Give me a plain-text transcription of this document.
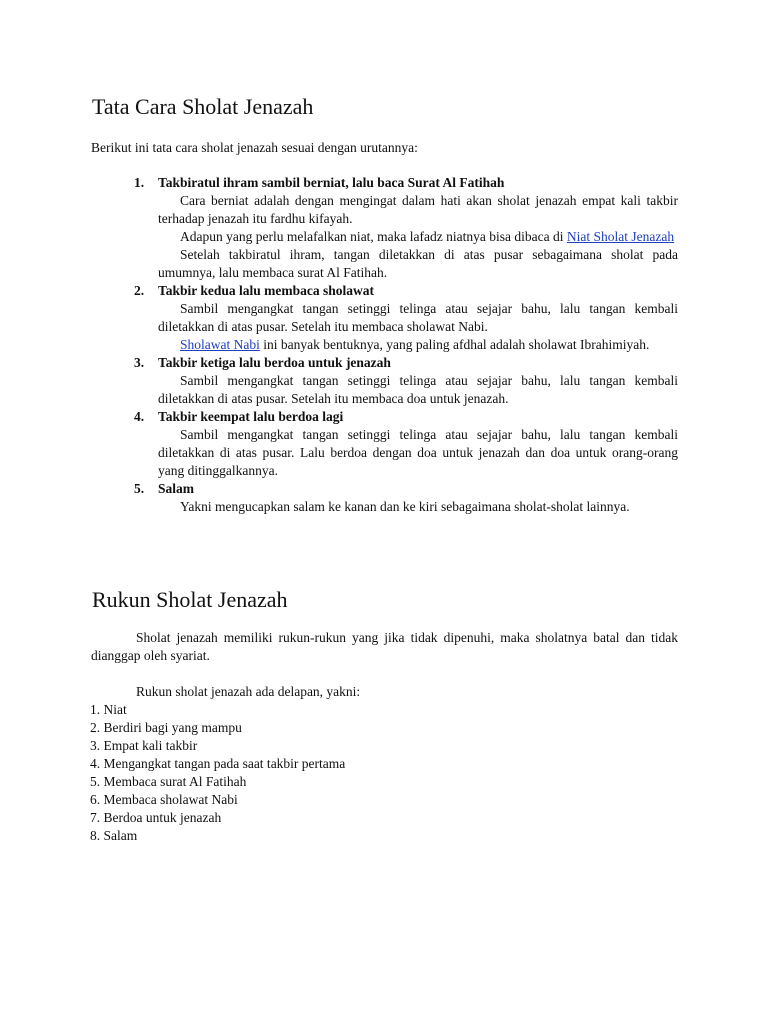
Tata Cara Sholat Jenazah
Berikut ini tata cara sholat jenazah sesuai dengan urutannya:
1. Takbiratul ihram sambil berniat, lalu baca Surat Al Fatihah
Cara berniat adalah dengan mengingat dalam hati akan sholat jenazah empat kali takbir terhadap jenazah itu fardhu kifayah.
Adapun yang perlu melafalkan niat, maka lafadz niatnya bisa dibaca di Niat Sholat Jenazah
Setelah takbiratul ihram, tangan diletakkan di atas pusar sebagaimana sholat pada umumnya, lalu membaca surat Al Fatihah.
2. Takbir kedua lalu membaca sholawat
Sambil mengangkat tangan setinggi telinga atau sejajar bahu, lalu tangan kembali diletakkan di atas pusar. Setelah itu membaca sholawat Nabi.
Sholawat Nabi ini banyak bentuknya, yang paling afdhal adalah sholawat Ibrahimiyah.
3. Takbir ketiga lalu berdoa untuk jenazah
Sambil mengangkat tangan setinggi telinga atau sejajar bahu, lalu tangan kembali diletakkan di atas pusar. Setelah itu membaca doa untuk jenazah.
4. Takbir keempat lalu berdoa lagi
Sambil mengangkat tangan setinggi telinga atau sejajar bahu, lalu tangan kembali diletakkan di atas pusar. Lalu berdoa dengan doa untuk jenazah dan doa untuk orang-orang yang ditinggalkannya.
5. Salam
Yakni mengucapkan salam ke kanan dan ke kiri sebagaimana sholat-sholat lainnya.
Rukun Sholat Jenazah
Sholat jenazah memiliki rukun-rukun yang jika tidak dipenuhi, maka sholatnya batal dan tidak dianggap oleh syariat.
Rukun sholat jenazah ada delapan, yakni:
1. Niat
2. Berdiri bagi yang mampu
3. Empat kali takbir
4. Mengangkat tangan pada saat takbir pertama
5. Membaca surat Al Fatihah
6. Membaca sholawat Nabi
7. Berdoa untuk jenazah
8. Salam
